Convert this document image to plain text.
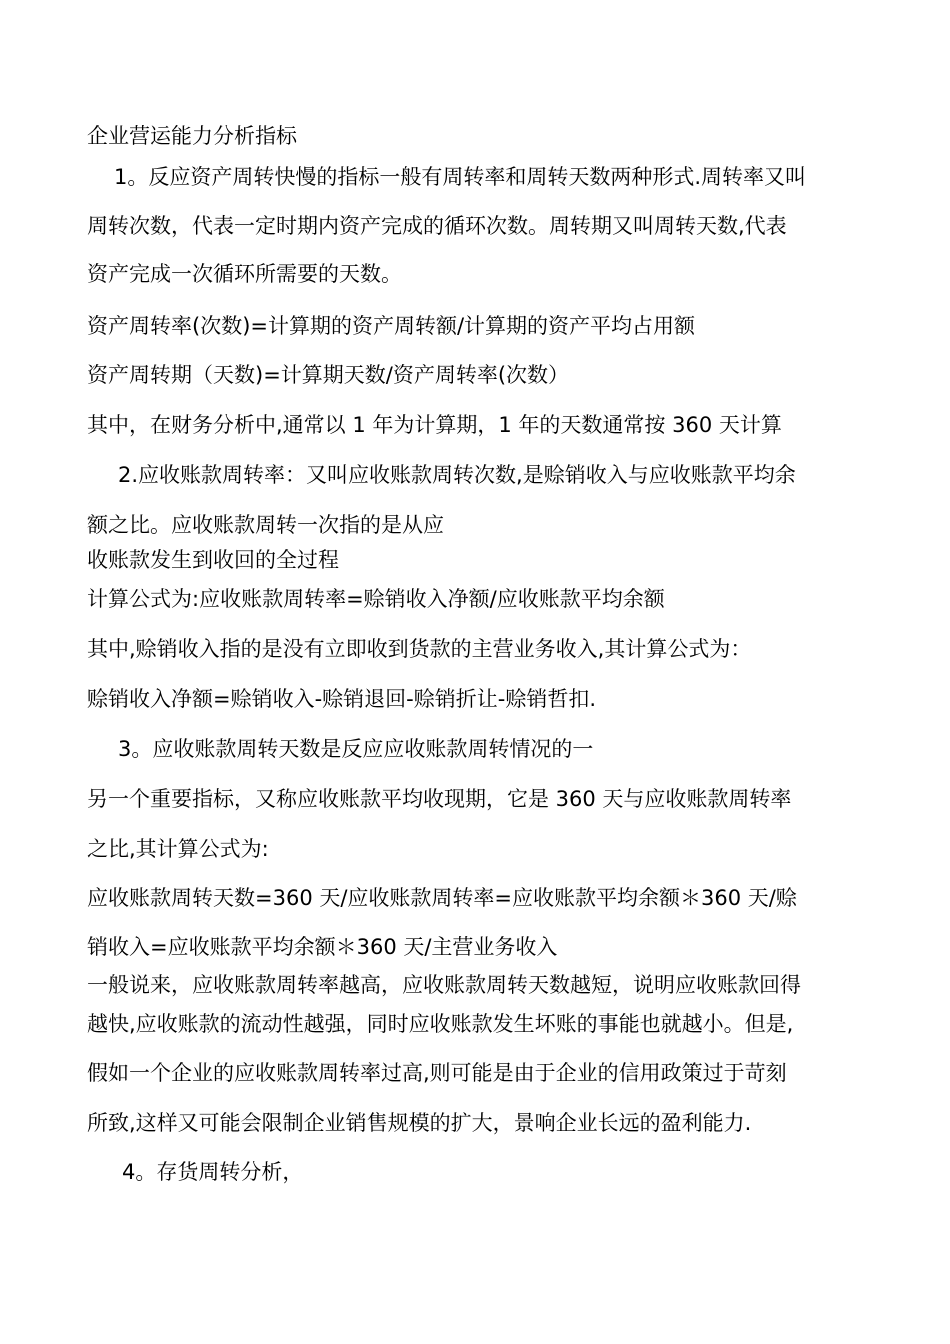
企业营运能力分析指标
1。反应资产周转快慢的指标一般有周转率和周转天数两种形式.周转率又叫
周转次数，代表一定时期内资产完成的循环次数。周转期又叫周转天数,代表
资产完成一次循环所需要的天数。
资产周转率(次数)=计算期的资产周转额/计算期的资产平均占用额
资产周转期（天数)=计算期天数/资产周转率(次数）
其中，在财务分析中,通常以 1 年为计算期，1 年的天数通常按 360 天计算
2.应收账款周转率：又叫应收账款周转次数,是赊销收入与应收账款平均余
额之比。应收账款周转一次指的是从应
收账款发生到收回的全过程
计算公式为:应收账款周转率=赊销收入净额/应收账款平均余额
其中,赊销收入指的是没有立即收到货款的主营业务收入,其计算公式为：
赊销收入净额=赊销收入-赊销退回-赊销折让-赊销哲扣.
3。应收账款周转天数是反应应收账款周转情况的一
另一个重要指标，又称应收账款平均收现期，它是 360 天与应收账款周转率
之比,其计算公式为:
应收账款周转天数=360 天/应收账款周转率=应收账款平均余额＊360 天/赊
销收入=应收账款平均余额＊360 天/主营业务收入
一般说来，应收账款周转率越高，应收账款周转天数越短，说明应收账款回得
越快,应收账款的流动性越强，同时应收账款发生坏账的事能也就越小。但是,
假如一个企业的应收账款周转率过高,则可能是由于企业的信用政策过于苛刻
所致,这样又可能会限制企业销售规模的扩大，景响企业长远的盈利能力.
4。存货周转分析，
